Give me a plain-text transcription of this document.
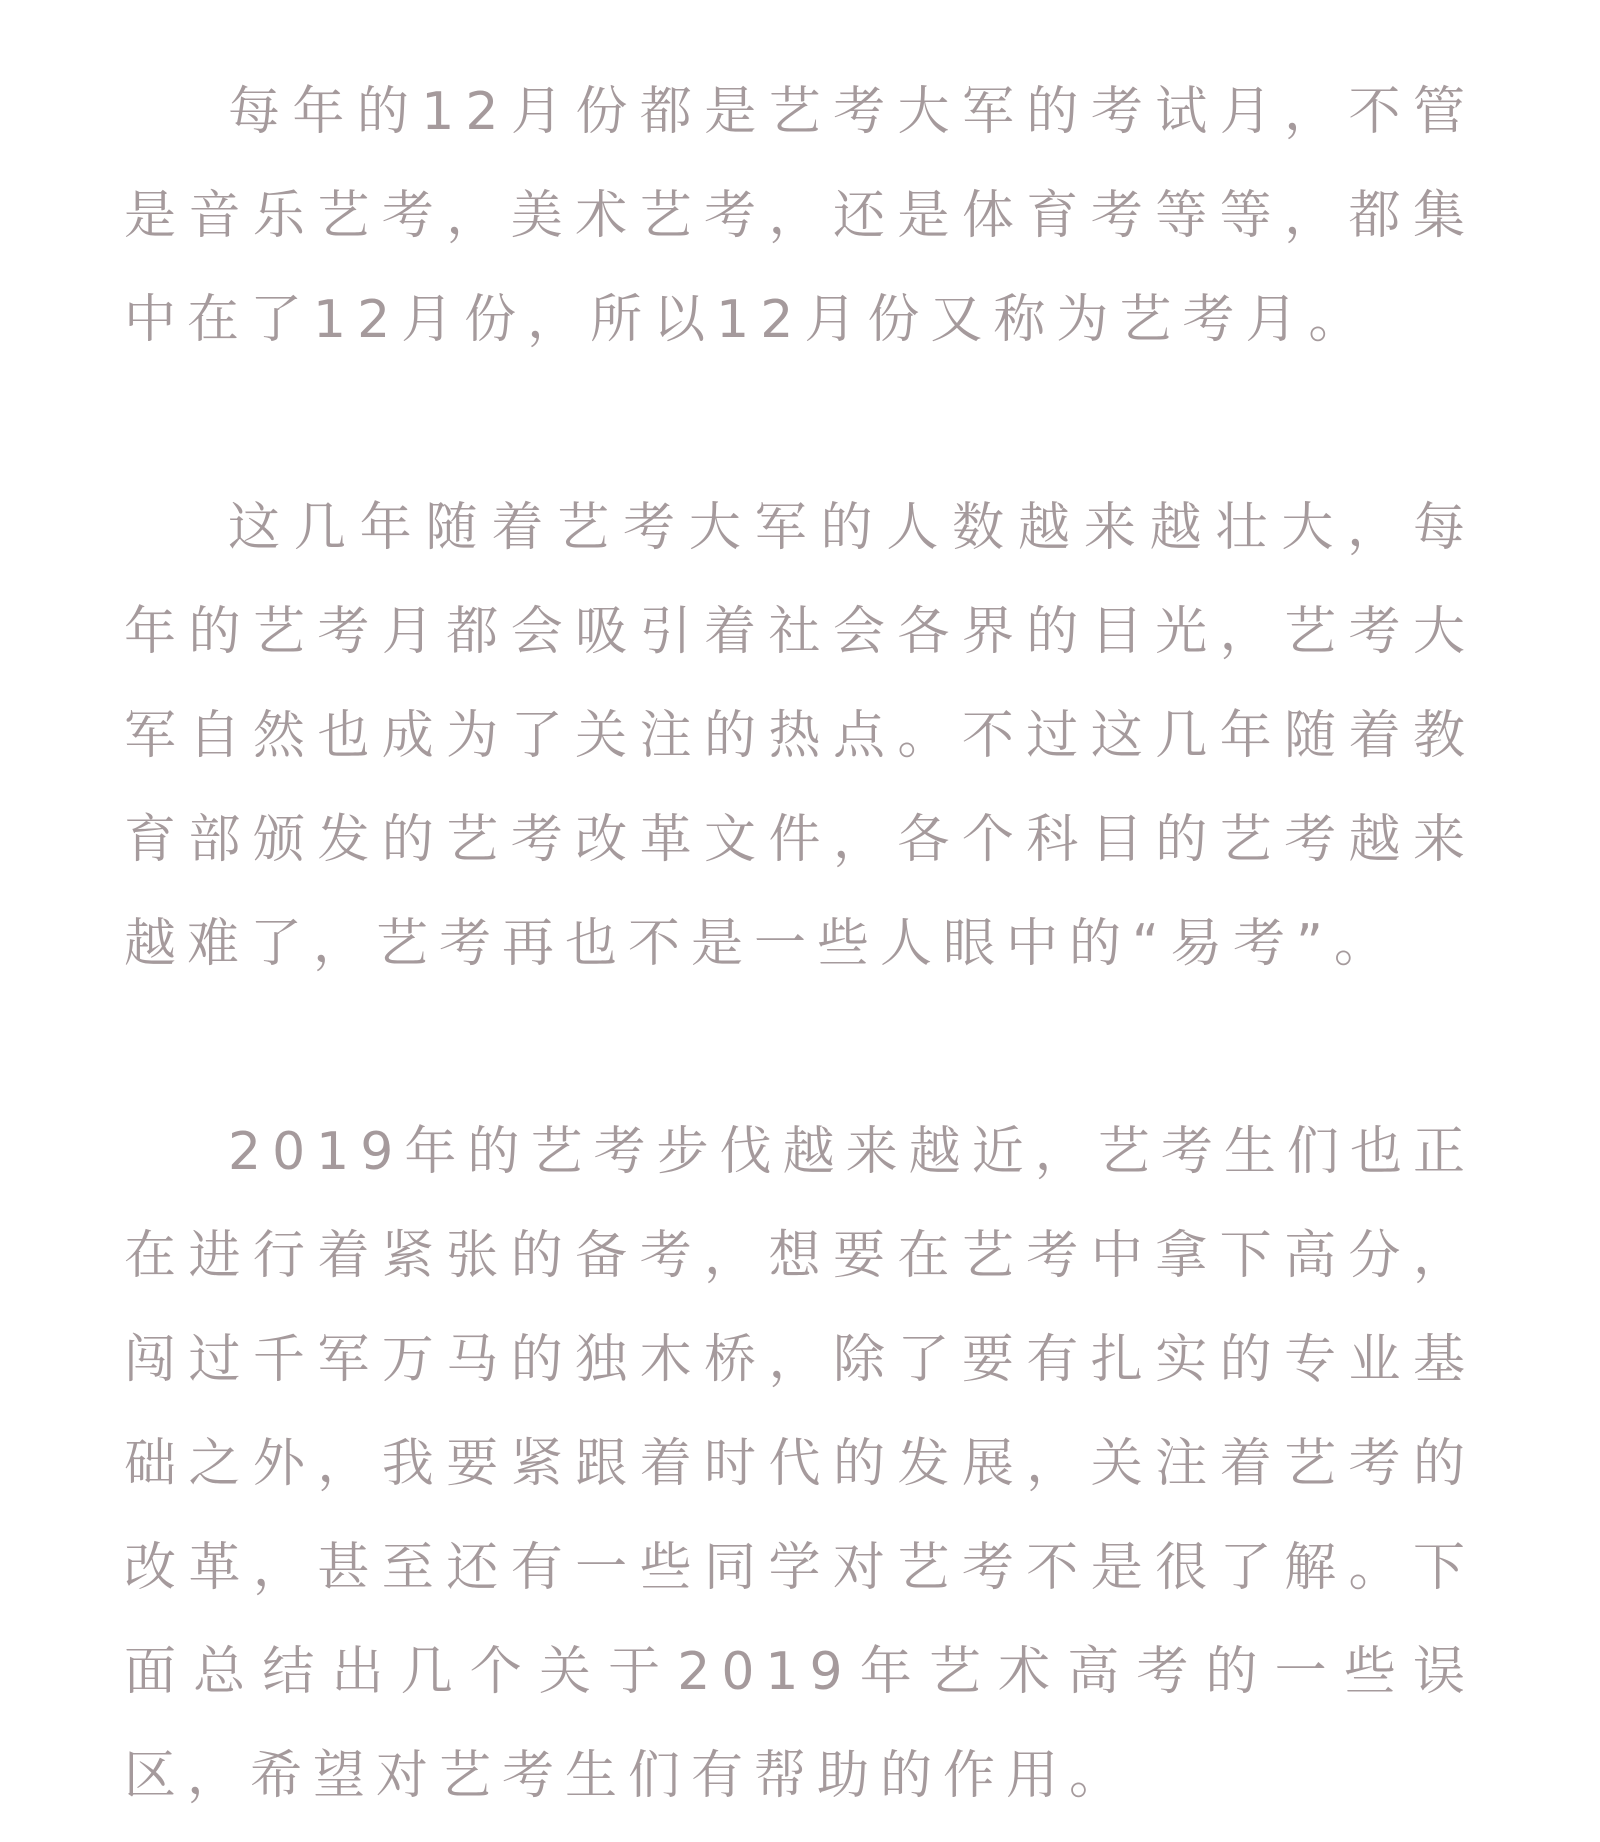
每年的12月份都是艺考大军的考试月，不管是音乐艺考，美术艺考，还是体育考等等，都集中在了12月份，所以12月份又称为艺考月。

这几年随着艺考大军的人数越来越壮大，每年的艺考月都会吸引着社会各界的目光，艺考大军自然也成为了关注的热点。不过这几年随着教育部颁发的艺考改革文件，各个科目的艺考越来越难了，艺考再也不是一些人眼中的“易考”。

2019年的艺考步伐越来越近，艺考生们也正在进行着紧张的备考，想要在艺考中拿下高分，闯过千军万马的独木桥，除了要有扎实的专业基础之外，我要紧跟着时代的发展，关注着艺考的改革，甚至还有一些同学对艺考不是很了解。下面总结出几个关于2019年艺术高考的一些误区，希望对艺考生们有帮助的作用。
